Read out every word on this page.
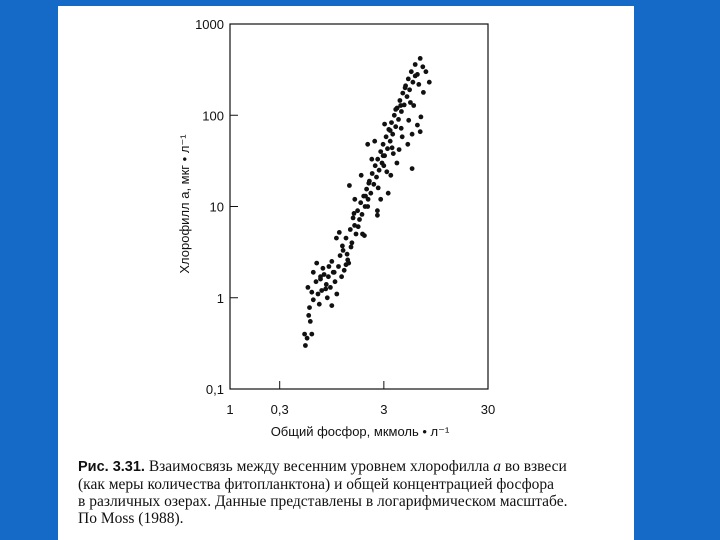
0,1
1
10
100
1000
1	0,3	3	30
Общий фосфор, мкмоль • л⁻¹
Хлорофилл a, мкг • л⁻¹
Рис. 3.31. Взаимосвязь между весенним уровнем хлорофилла а во взвеси
(как меры количества фитопланктона) и общей концентрацией фосфора
в различных озерах. Данные представлены в логарифмическом масштабе.
По Moss (1988).
